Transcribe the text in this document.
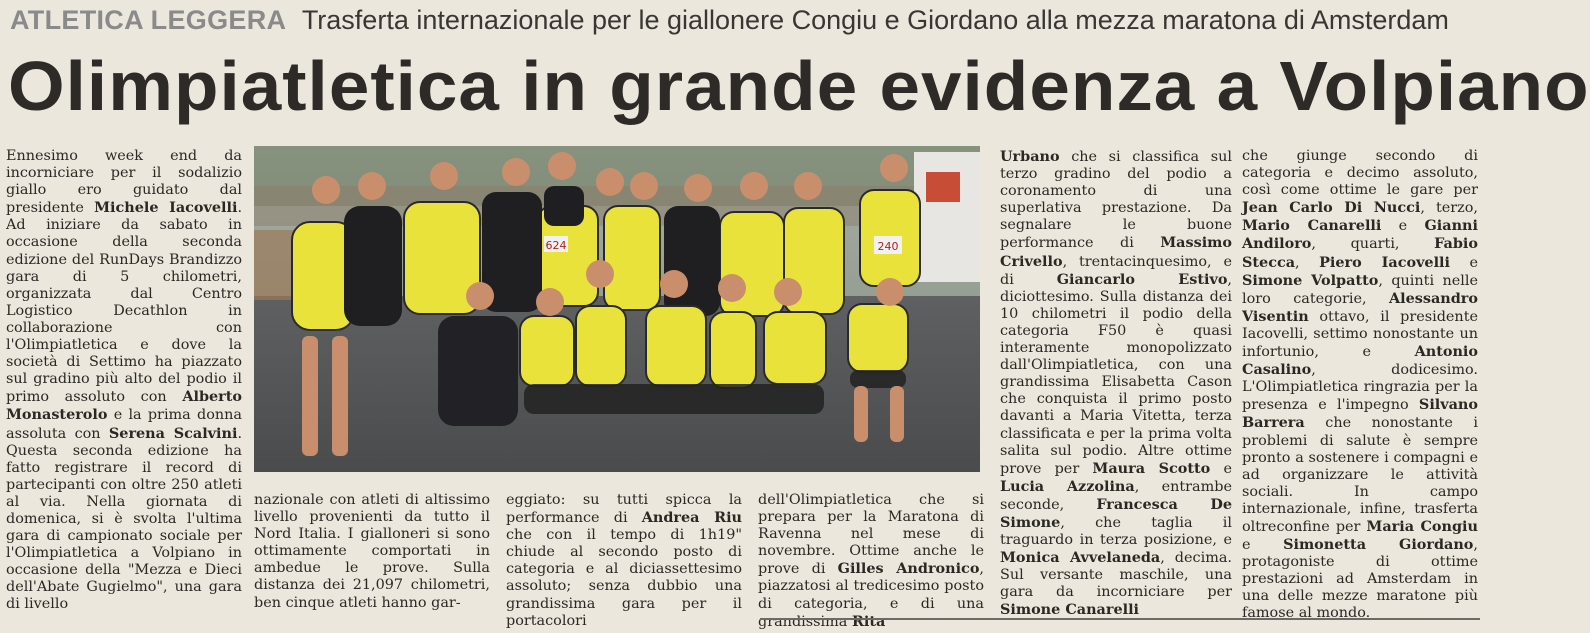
ATLETICA LEGGERA Trasferta internazionale per le giallonere Congiu e Giordano alla mezza maratona di Amsterdam
Olimpiatletica in grande evidenza a Volpiano
624	240
Ennesimo week end da incorniciare per il sodalizio giallo ero guidato dal presidente Michele Iacovelli. Ad iniziare da sabato in occasione della seconda edizione del RunDays Brandizzo gara di 5 chilometri, organizzata dal Centro Logistico Decathlon in collaborazione con l'Olimpiatletica e dove la società di Settimo ha piazzato sul gradino più alto del podio il primo assoluto con Alberto Monasterolo e la prima donna assoluta con Serena Scalvini. Questa seconda edizione ha fatto registrare il record di partecipanti con oltre 250 atleti al via. Nella giornata di domenica, si è svolta l'ultima gara di campionato sociale per l'Olimpiatletica a Volpiano in occasione della "Mezza e Dieci dell'Abate Gugielmo", una gara di livello
nazionale con atleti di altissimo livello provenienti da tutto il Nord Italia. I gialloneri si sono ottimamente comportati in ambedue le prove. Sulla distanza dei 21,097 chilometri, ben cinque atleti hanno gar-
eggiato: su tutti spicca la performance di Andrea Riu che con il tempo di 1h19" chiude al secondo posto di categoria e al diciassettesimo assoluto; senza dubbio una grandissima gara per il portacolori
dell'Olimpiatletica che si prepara per la Maratona di Ravenna nel mese di novembre. Ottime anche le prove di Gilles Andronico, piazzatosi al tredicesimo posto di categoria, e di una grandissima Rita
Urbano che si classifica sul terzo gradino del podio a coronamento di una superlativa prestazione. Da segnalare le buone performance di Massimo Crivello, trentacinquesimo, e di Giancarlo Estivo, diciottesimo. Sulla distanza dei 10 chilometri il podio della categoria F50 è quasi interamente monopolizzato dall'Olimpiatletica, con una grandissima Elisabetta Cason che conquista il primo posto davanti a Maria Vitetta, terza classificata e per la prima volta salita sul podio. Altre ottime prove per Maura Scotto e Lucia Azzolina, entrambe seconde, Francesca De Simone, che taglia il traguardo in terza posizione, e Monica Avvelaneda, decima. Sul versante maschile, una gara da incorniciare per Simone Canarelli
che giunge secondo di categoria e decimo assoluto, così come ottime le gare per Jean Carlo Di Nucci, terzo, Mario Canarelli e Gianni Andiloro, quarti, Fabio Stecca, Piero Iacovelli e Simone Volpatto, quinti nelle loro categorie, Alessandro Visentin ottavo, il presidente Iacovelli, settimo nonostante un infortunio, e Antonio Casalino, dodicesimo. L'Olimpiatletica ringrazia per la presenza e l'impegno Silvano Barrera che nonostante i problemi di salute è sempre pronto a sostenere i compagni e ad organizzare le attività sociali. In campo internazionale, infine, trasferta oltreconfine per Maria Congiu e Simonetta Giordano, protagoniste di ottime prestazioni ad Amsterdam in una delle mezze maratone più famose al mondo.
